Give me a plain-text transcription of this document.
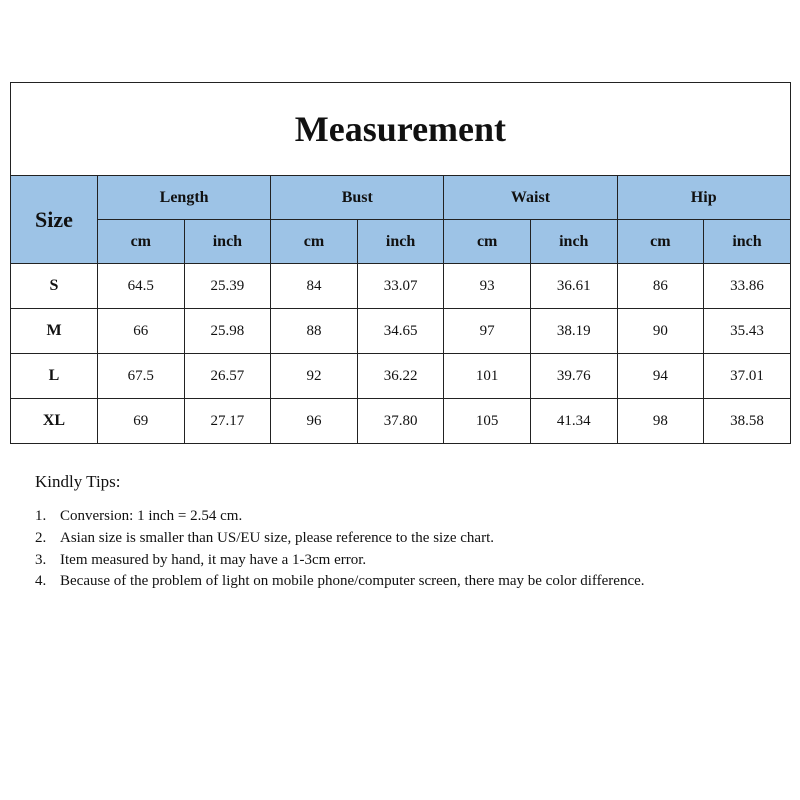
Measurement								
Size	Length		Bust		Waist		Hip	
	cm	inch	cm	inch	cm	inch	cm	inch
S	64.5	25.39	84	33.07	93	36.61	86	33.86
M	66	25.98	88	34.65	97	38.19	90	35.43
L	67.5	26.57	92	36.22	101	39.76	94	37.01
XL	69	27.17	96	37.80	105	41.34	98	38.58
Kindly Tips:
1. Conversion: 1 inch = 2.54 cm.
2. Asian size is smaller than US/EU size, please reference to the size chart.
3. Item measured by hand, it may have a 1-3cm error.
4. Because of the problem of light on mobile phone/computer screen, there may be color difference.
